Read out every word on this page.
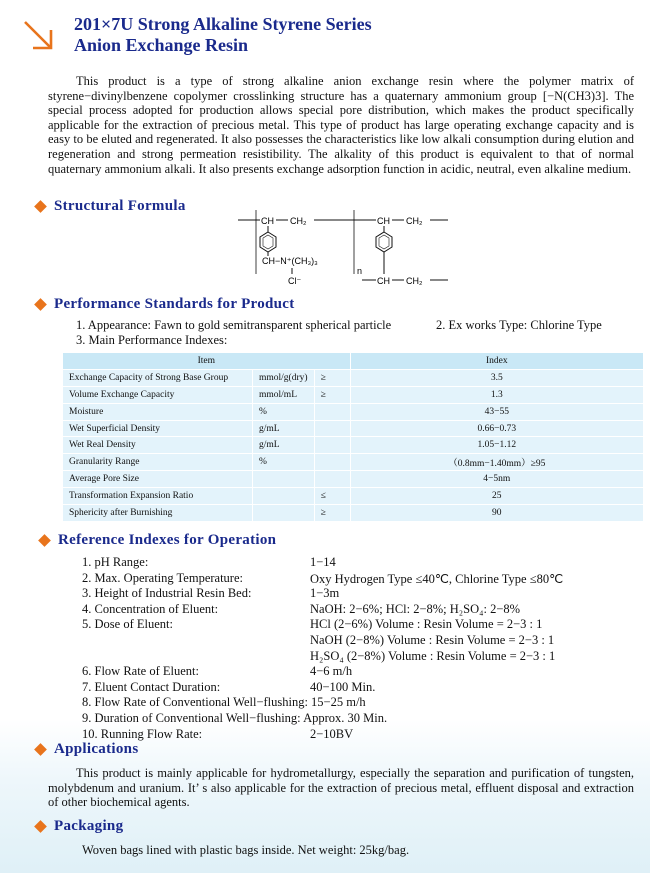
201×7U Strong Alkaline Styrene Series
Anion Exchange Resin
This product is a type of strong alkaline anion exchange resin where the polymer matrix of styrene−divinylbenzene copolymer crosslinking structure has a quaternary ammonium group [−N(CH3)3]. The special process adopted for production allows special pore distribution, which makes the product specifically applicable for the extraction of precious metal. This type of product has large operating exchange capacity and is easy to be eluted and regenerated. It also possesses the characteristics like low alkali consumption during elution and regeneration and strong permeation resistibility. The alkality of this product is equivalent to that of normal quaternary ammonium alkali. It also presents exchange adsorption function in acidic, neutral, even alkaline medium.
Structural Formula
CH CH₂
n
CH−N⁺(CH₃)₃
Cl⁻
CH CH₂
CH CH₂
Performance Standards for Product
1. Appearance: Fawn to gold semitransparent spherical particle	2. Ex works Type: Chlorine Type
3. Main Performance Indexes:
Item			Index
Exchange Capacity of Strong Base Group	mmol/g(dry)	≥	3.5
Volume Exchange Capacity	mmol/mL	≥	1.3
Moisture	%		43−55
Wet Superficial Density	g/mL		0.66−0.73
Wet Real Density	g/mL		1.05−1.12
Granularity Range	%		（0.8mm−1.40mm）≥95
Average Pore Size			4−5nm
Transformation Expansion Ratio		≤	25
Sphericity after Burnishing		≥	90
Reference Indexes for Operation
1. pH Range:	1−14
2. Max. Operating Temperature:	Oxy Hydrogen Type ≤40℃, Chlorine Type ≤80℃
3. Height of Industrial Resin Bed:	1−3m
4. Concentration of Eluent:	NaOH: 2−6%; HCl: 2−8%; H₂SO₄: 2−8%
5. Dose of Eluent:	HCl (2−6%) Volume : Resin Volume = 2−3 : 1
NaOH (2−8%) Volume : Resin Volume = 2−3 : 1
H₂SO₄ (2−8%) Volume : Resin Volume = 2−3 : 1
6. Flow Rate of Eluent:	4−6 m/h
7. Eluent Contact Duration:	40−100 Min.
8. Flow Rate of Conventional Well−flushing: 15−25 m/h
9. Duration of Conventional Well−flushing: Approx. 30 Min.
10. Running Flow Rate:	2−10BV
Applications
This product is mainly applicable for hydrometallurgy, especially the separation and purification of tungsten, molybdenum and uranium. It’ s also applicable for the extraction of precious metal, effluent disposal and extraction of other biochemical agents.
Packaging
Woven bags lined with plastic bags inside. Net weight: 25kg/bag.
